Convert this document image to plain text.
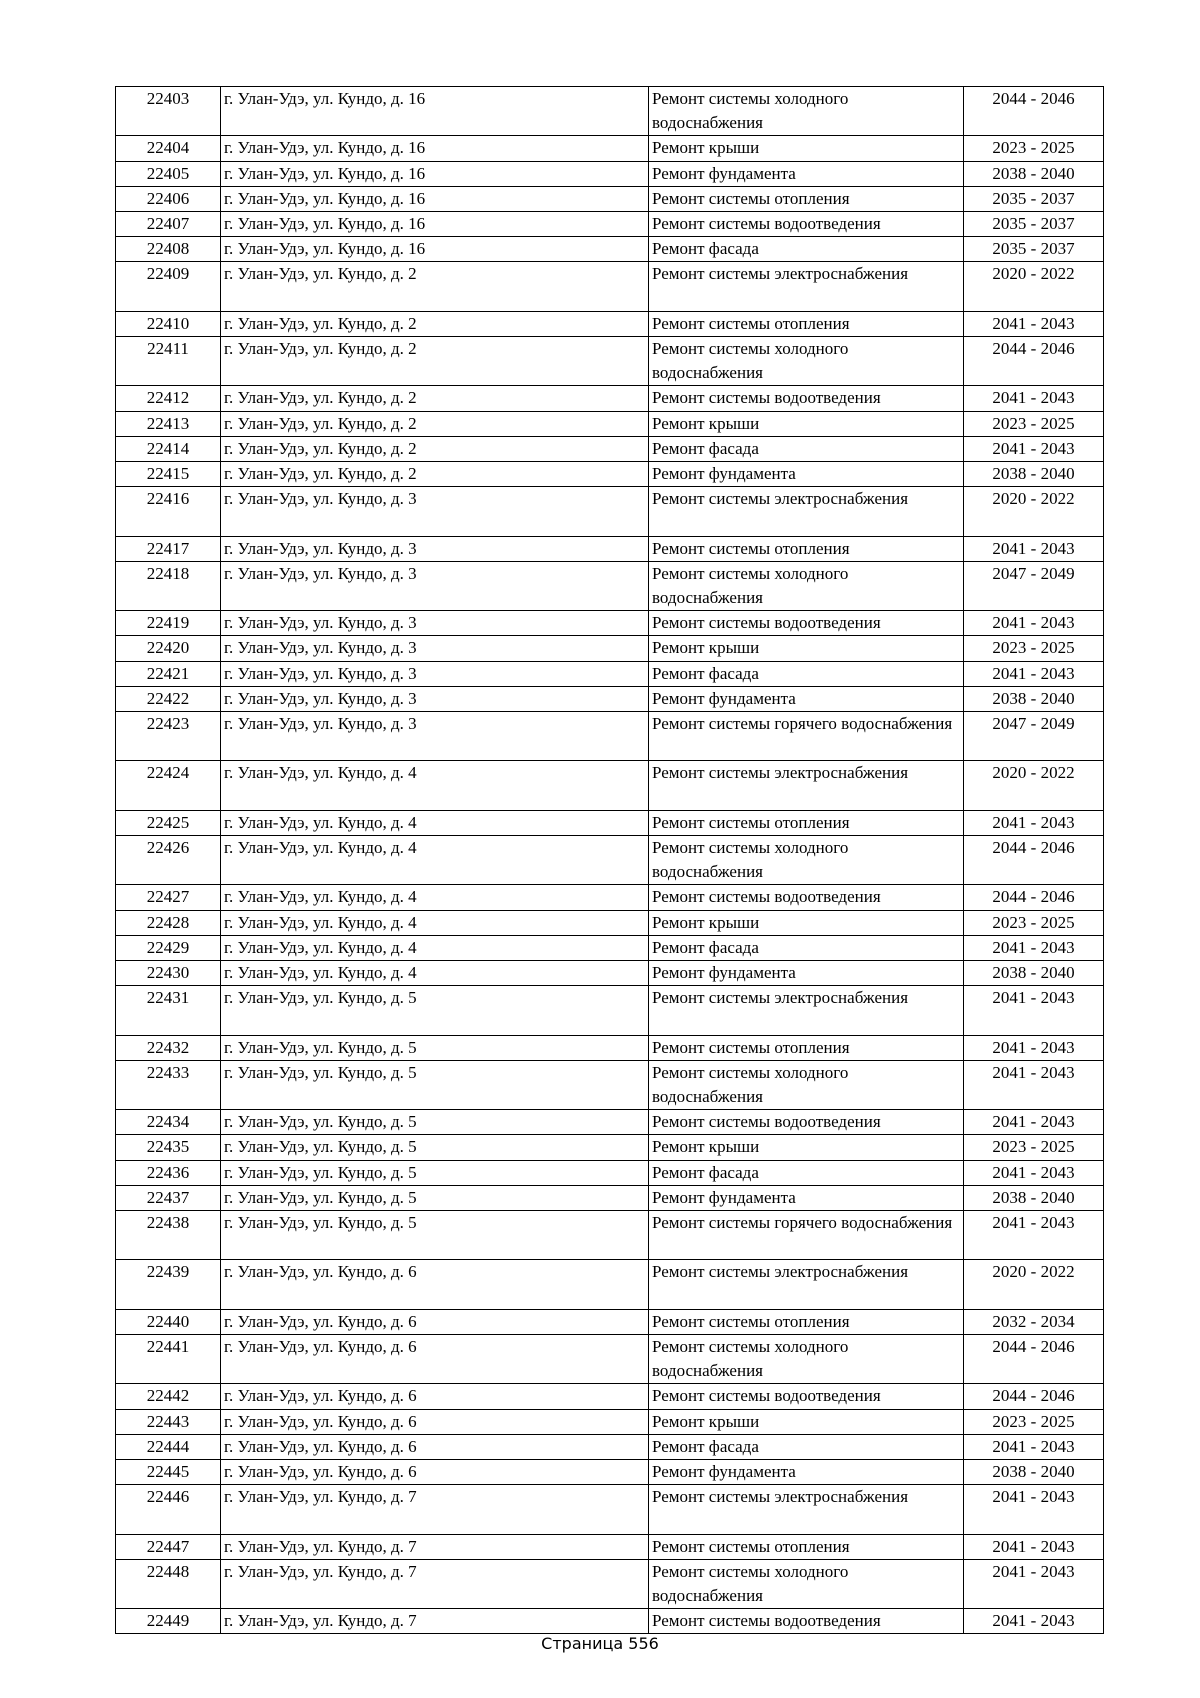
22403	г. Улан-Удэ, ул. Кундо, д. 16	Ремонт системы холодного водоснабжения	2044 - 2046
22404	г. Улан-Удэ, ул. Кундо, д. 16	Ремонт крыши	2023 - 2025
22405	г. Улан-Удэ, ул. Кундо, д. 16	Ремонт фундамента	2038 - 2040
22406	г. Улан-Удэ, ул. Кундо, д. 16	Ремонт системы отопления	2035 - 2037
22407	г. Улан-Удэ, ул. Кундо, д. 16	Ремонт системы водоотведения	2035 - 2037
22408	г. Улан-Удэ, ул. Кундо, д. 16	Ремонт фасада	2035 - 2037
22409	г. Улан-Удэ, ул. Кундо, д. 2	Ремонт системы электроснабжения	2020 - 2022
22410	г. Улан-Удэ, ул. Кундо, д. 2	Ремонт системы отопления	2041 - 2043
22411	г. Улан-Удэ, ул. Кундо, д. 2	Ремонт системы холодного водоснабжения	2044 - 2046
22412	г. Улан-Удэ, ул. Кундо, д. 2	Ремонт системы водоотведения	2041 - 2043
22413	г. Улан-Удэ, ул. Кундо, д. 2	Ремонт крыши	2023 - 2025
22414	г. Улан-Удэ, ул. Кундо, д. 2	Ремонт фасада	2041 - 2043
22415	г. Улан-Удэ, ул. Кундо, д. 2	Ремонт фундамента	2038 - 2040
22416	г. Улан-Удэ, ул. Кундо, д. 3	Ремонт системы электроснабжения	2020 - 2022
22417	г. Улан-Удэ, ул. Кундо, д. 3	Ремонт системы отопления	2041 - 2043
22418	г. Улан-Удэ, ул. Кундо, д. 3	Ремонт системы холодного водоснабжения	2047 - 2049
22419	г. Улан-Удэ, ул. Кундо, д. 3	Ремонт системы водоотведения	2041 - 2043
22420	г. Улан-Удэ, ул. Кундо, д. 3	Ремонт крыши	2023 - 2025
22421	г. Улан-Удэ, ул. Кундо, д. 3	Ремонт фасада	2041 - 2043
22422	г. Улан-Удэ, ул. Кундо, д. 3	Ремонт фундамента	2038 - 2040
22423	г. Улан-Удэ, ул. Кундо, д. 3	Ремонт системы горячего водоснабжения	2047 - 2049
22424	г. Улан-Удэ, ул. Кундо, д. 4	Ремонт системы электроснабжения	2020 - 2022
22425	г. Улан-Удэ, ул. Кундо, д. 4	Ремонт системы отопления	2041 - 2043
22426	г. Улан-Удэ, ул. Кундо, д. 4	Ремонт системы холодного водоснабжения	2044 - 2046
22427	г. Улан-Удэ, ул. Кундо, д. 4	Ремонт системы водоотведения	2044 - 2046
22428	г. Улан-Удэ, ул. Кундо, д. 4	Ремонт крыши	2023 - 2025
22429	г. Улан-Удэ, ул. Кундо, д. 4	Ремонт фасада	2041 - 2043
22430	г. Улан-Удэ, ул. Кундо, д. 4	Ремонт фундамента	2038 - 2040
22431	г. Улан-Удэ, ул. Кундо, д. 5	Ремонт системы электроснабжения	2041 - 2043
22432	г. Улан-Удэ, ул. Кундо, д. 5	Ремонт системы отопления	2041 - 2043
22433	г. Улан-Удэ, ул. Кундо, д. 5	Ремонт системы холодного водоснабжения	2041 - 2043
22434	г. Улан-Удэ, ул. Кундо, д. 5	Ремонт системы водоотведения	2041 - 2043
22435	г. Улан-Удэ, ул. Кундо, д. 5	Ремонт крыши	2023 - 2025
22436	г. Улан-Удэ, ул. Кундо, д. 5	Ремонт фасада	2041 - 2043
22437	г. Улан-Удэ, ул. Кундо, д. 5	Ремонт фундамента	2038 - 2040
22438	г. Улан-Удэ, ул. Кундо, д. 5	Ремонт системы горячего водоснабжения	2041 - 2043
22439	г. Улан-Удэ, ул. Кундо, д. 6	Ремонт системы электроснабжения	2020 - 2022
22440	г. Улан-Удэ, ул. Кундо, д. 6	Ремонт системы отопления	2032 - 2034
22441	г. Улан-Удэ, ул. Кундо, д. 6	Ремонт системы холодного водоснабжения	2044 - 2046
22442	г. Улан-Удэ, ул. Кундо, д. 6	Ремонт системы водоотведения	2044 - 2046
22443	г. Улан-Удэ, ул. Кундо, д. 6	Ремонт крыши	2023 - 2025
22444	г. Улан-Удэ, ул. Кундо, д. 6	Ремонт фасада	2041 - 2043
22445	г. Улан-Удэ, ул. Кундо, д. 6	Ремонт фундамента	2038 - 2040
22446	г. Улан-Удэ, ул. Кундо, д. 7	Ремонт системы электроснабжения	2041 - 2043
22447	г. Улан-Удэ, ул. Кундо, д. 7	Ремонт системы отопления	2041 - 2043
22448	г. Улан-Удэ, ул. Кундо, д. 7	Ремонт системы холодного водоснабжения	2041 - 2043
22449	г. Улан-Удэ, ул. Кундо, д. 7	Ремонт системы водоотведения	2041 - 2043
Страница 556
